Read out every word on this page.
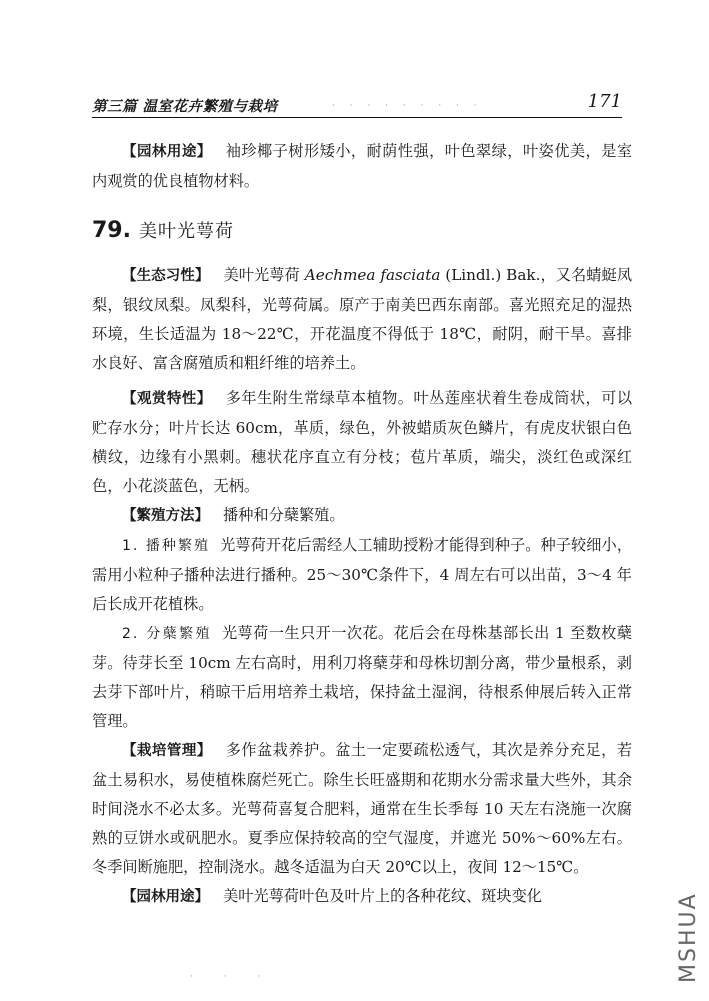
第三篇 温室花卉繁殖与栽培	· · · · · · · · ·	171

【园林用途】 袖珍椰子树形矮小，耐荫性强，叶色翠绿，叶姿优美，是室内观赏的优良植物材料。

79. 美叶光萼荷

【生态习性】 美叶光萼荷 Aechmea fasciata (Lindl.) Bak.，又名蜻蜓凤梨，银纹凤梨。凤梨科，光萼荷属。原产于南美巴西东南部。喜光照充足的湿热环境，生长适温为 18～22℃，开花温度不得低于 18℃，耐阴，耐干旱。喜排水良好、富含腐殖质和粗纤维的培养土。

【观赏特性】 多年生附生常绿草本植物。叶丛莲座状着生卷成筒状，可以贮存水分；叶片长达 60cm，革质，绿色，外被蜡质灰色鳞片，有虎皮状银白色横纹，边缘有小黑刺。穗状花序直立有分枝；苞片革质，端尖，淡红色或深红色，小花淡蓝色，无柄。

【繁殖方法】 播种和分蘖繁殖。

1. 播种繁殖 光萼荷开花后需经人工辅助授粉才能得到种子。种子较细小，需用小粒种子播种法进行播种。25～30℃条件下，4 周左右可以出苗，3～4 年后长成开花植株。

2. 分蘖繁殖 光萼荷一生只开一次花。花后会在母株基部长出 1 至数枚蘖芽。待芽长至 10cm 左右高时，用利刀将蘖芽和母株切割分离，带少量根系，剥去芽下部叶片，稍晾干后用培养土栽培，保持盆土湿润，待根系伸展后转入正常管理。

【栽培管理】 多作盆栽养护。盆土一定要疏松透气，其次是养分充足，若盆土易积水，易使植株腐烂死亡。除生长旺盛期和花期水分需求量大些外，其余时间浇水不必太多。光萼荷喜复合肥料，通常在生长季每 10 天左右浇施一次腐熟的豆饼水或矾肥水。夏季应保持较高的空气湿度，并遮光 50%～60%左右。冬季间断施肥，控制浇水。越冬适温为白天 20℃以上，夜间 12～15℃。

【园林用途】 美叶光萼荷叶色及叶片上的各种花纹、斑块变化

· · ·	MSHUA
